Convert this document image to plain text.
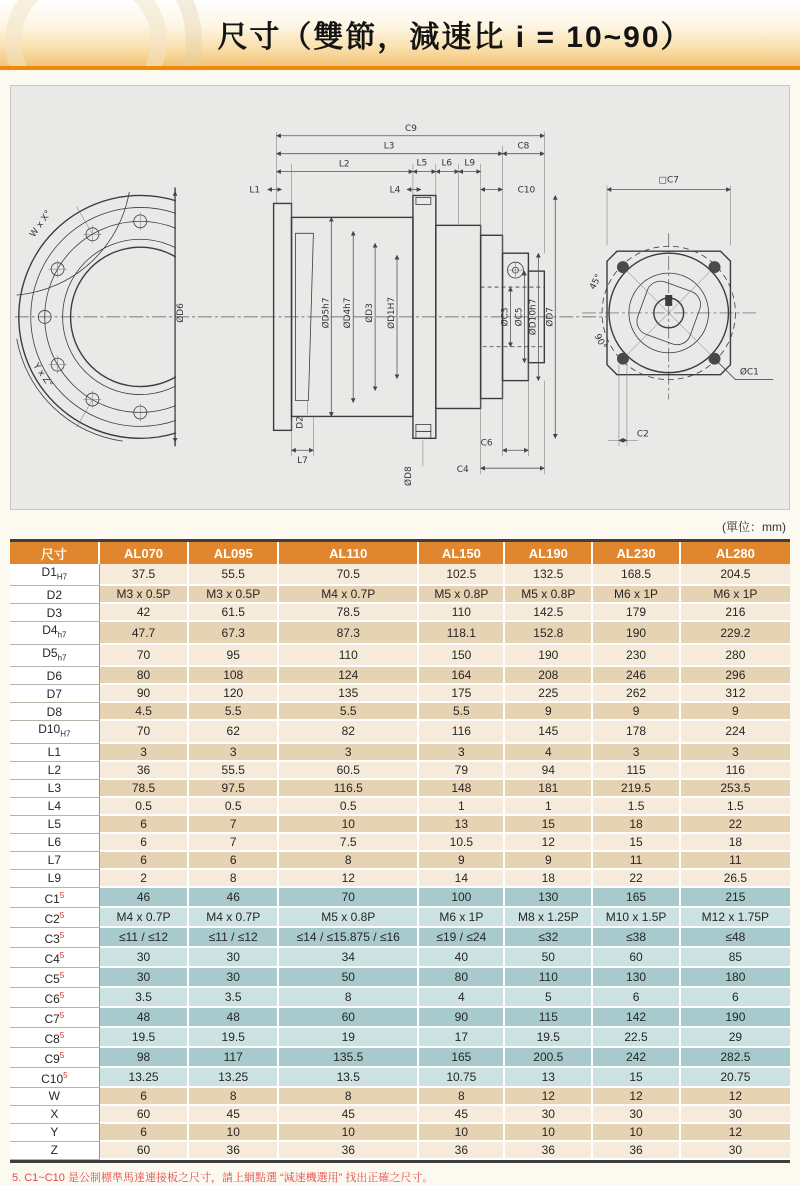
尺寸（雙節，減速比 i = 10~90）
C9
L3	C8
L2	L5 L6 L9
L1	L4	C10
ØD6	ØD5h7 ØD4h7 ØD3 ØD1H7
D2
ØC3 ØC5 ØD10h7 ØD7
L7
ØD8
C6
C4
W x X°
Y x Z°
□C7
45°
90°
ØC1
C2
(單位：mm)
尺寸	AL070	AL095	AL110	AL150	AL190	AL230	AL280
$D1_{H7}$	37.5	55.5	70.5	102.5	132.5	168.5	204.5
D2	M3 x 0.5P	M3 x 0.5P	M4 x 0.7P	M5 x 0.8P	M5 x 0.8P	M6 x 1P	M6 x 1P
D3	42	61.5	78.5	110	142.5	179	216
$D4_{h7}$	47.7	67.3	87.3	118.1	152.8	190	229.2
$D5_{h7}$	70	95	110	150	190	230	280
D6	80	108	124	164	208	246	296
D7	90	120	135	175	225	262	312
D8	4.5	5.5	5.5	5.5	9	9	9
$D10_{H7}$	70	62	82	116	145	178	224
L1	3	3	3	3	4	3	3
L2	36	55.5	60.5	79	94	115	116
L3	78.5	97.5	116.5	148	181	219.5	253.5
L4	0.5	0.5	0.5	1	1	1.5	1.5
L5	6	7	10	13	15	18	22
L6	6	7	7.5	10.5	12	15	18
L7	6	6	8	9	9	11	11
L9	2	8	12	14	18	22	26.5
$C1^5$	46	46	70	100	130	165	215
$C2^5$	M4 x 0.7P	M4 x 0.7P	M5 x 0.8P	M6 x 1P	M8 x 1.25P	M10 x 1.5P	M12 x 1.75P
$C3^5$	≤11 / ≤12	≤11 / ≤12	≤14 / ≤15.875 / ≤16	≤19 / ≤24	≤32	≤38	≤48
$C4^5$	30	30	34	40	50	60	85
$C5^5$	30	30	50	80	110	130	180
$C6^5$	3.5	3.5	8	4	5	6	6
$C7^5$	48	48	60	90	115	142	190
$C8^5$	19.5	19.5	19	17	19.5	22.5	29
$C9^5$	98	117	135.5	165	200.5	242	282.5
$C10^5$	13.25	13.25	13.5	10.75	13	15	20.75
W	6	8	8	8	12	12	12
X	60	45	45	45	30	30	30
Y	6	10	10	10	10	10	12
Z	60	36	36	36	36	36	30
5. C1~C10 是公制標準馬達連接板之尺寸，請上網點選 “減速機選用” 找出正確之尺寸。
